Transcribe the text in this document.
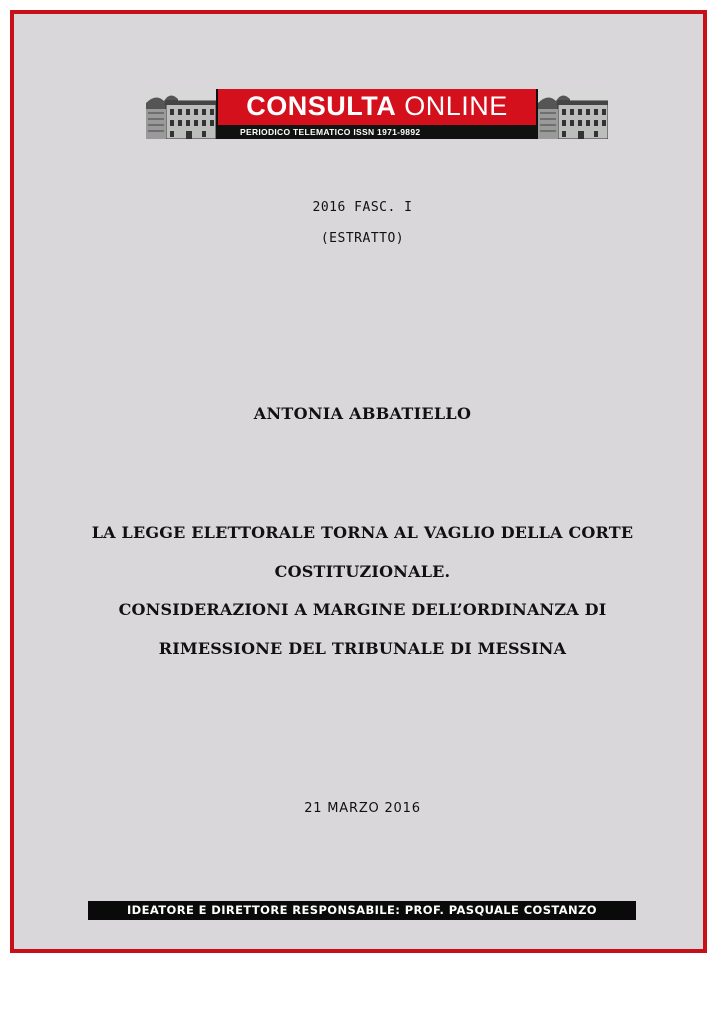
CONSULTA ONLINE
PERIODICO TELEMATICO ISSN 1971-9892
2016 FASC. I
(ESTRATTO)
ANTONIA ABBATIELLO
LA LEGGE ELETTORALE TORNA AL VAGLIO DELLA CORTE
COSTITUZIONALE.
CONSIDERAZIONI A MARGINE DELL’ORDINANZA DI
RIMESSIONE DEL TRIBUNALE DI MESSINA
21 MARZO 2016
IDEATORE E DIRETTORE RESPONSABILE: PROF. PASQUALE COSTANZO
